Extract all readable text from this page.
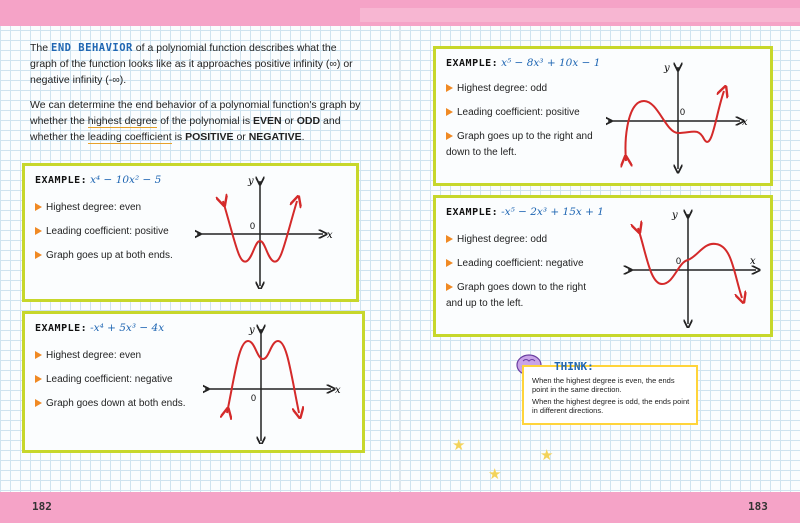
182	183
The END BEHAVIOR of a polynomial function describes what the graph of the function looks like as it approaches positive infinity (∞) or negative infinity (-∞).
We can determine the end behavior of a polynomial function's graph by whether the highest degree of the polynomial is EVEN or ODD and whether the leading coefficient is POSITIVE or NEGATIVE.
EXAMPLE: x⁴ − 10x² − 5
Highest degree: even
Leading coefficient: positive
Graph goes up at both ends.
x
y
0
EXAMPLE: -x⁴ + 5x³ − 4x
Highest degree: even
Leading coefficient: negative
Graph goes down at both ends.
x
y
0
EXAMPLE: x⁵ − 8x³ + 10x − 1
Highest degree: odd
Leading coefficient: positive
Graph goes up to the right and down to the left.
x
y
0
EXAMPLE: -x⁵ − 2x³ + 15x + 1
Highest degree: odd
Leading coefficient: negative
Graph goes down to the right and up to the left.
x
y
0
THINK:
When the highest degree is even, the ends point in the same direction.
When the highest degree is odd, the ends point in different directions.
★
★
★
